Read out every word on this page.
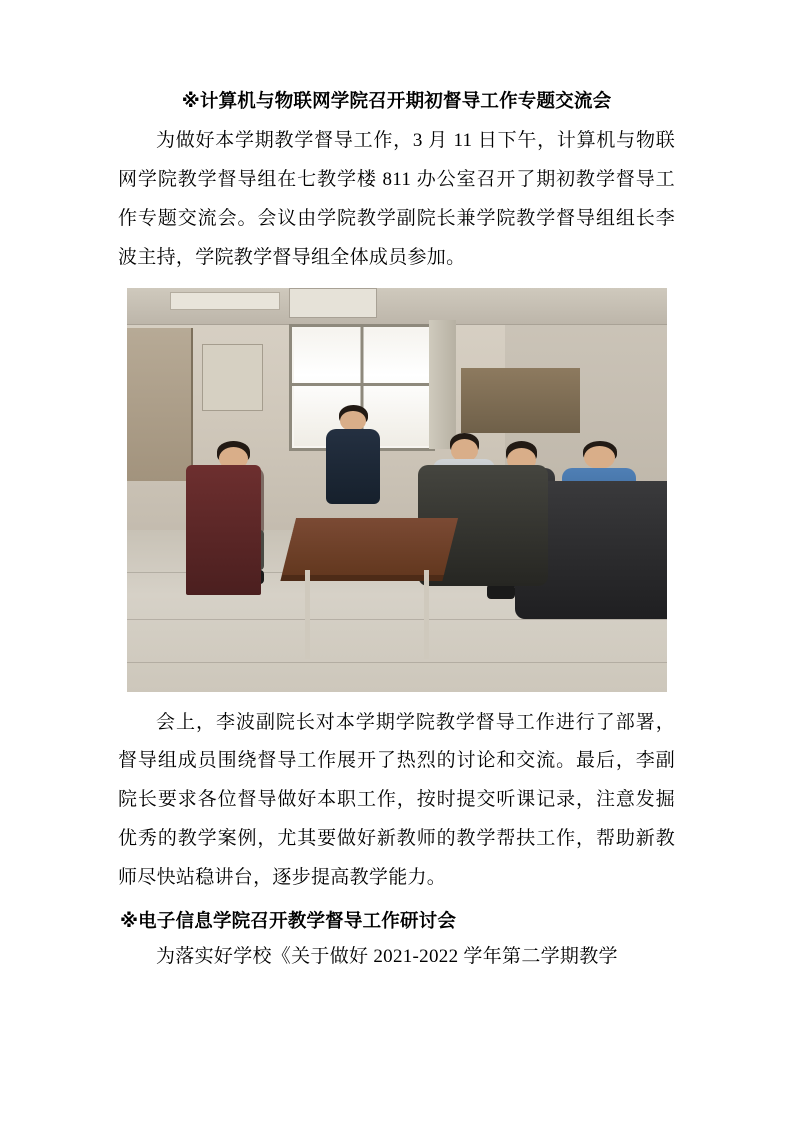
※计算机与物联网学院召开期初督导工作专题交流会

为做好本学期教学督导工作，3 月 11 日下午，计算机与物联网学院教学督导组在七教学楼 811 办公室召开了期初教学督导工作专题交流会。会议由学院教学副院长兼学院教学督导组组长李波主持，学院教学督导组全体成员参加。

会上，李波副院长对本学期学院教学督导工作进行了部署，督导组成员围绕督导工作展开了热烈的讨论和交流。最后，李副院长要求各位督导做好本职工作，按时提交听课记录，注意发掘优秀的教学案例，尤其要做好新教师的教学帮扶工作，帮助新教师尽快站稳讲台，逐步提高教学能力。

※电子信息学院召开教学督导工作研讨会

为落实好学校《关于做好 2021-2022 学年第二学期教学
